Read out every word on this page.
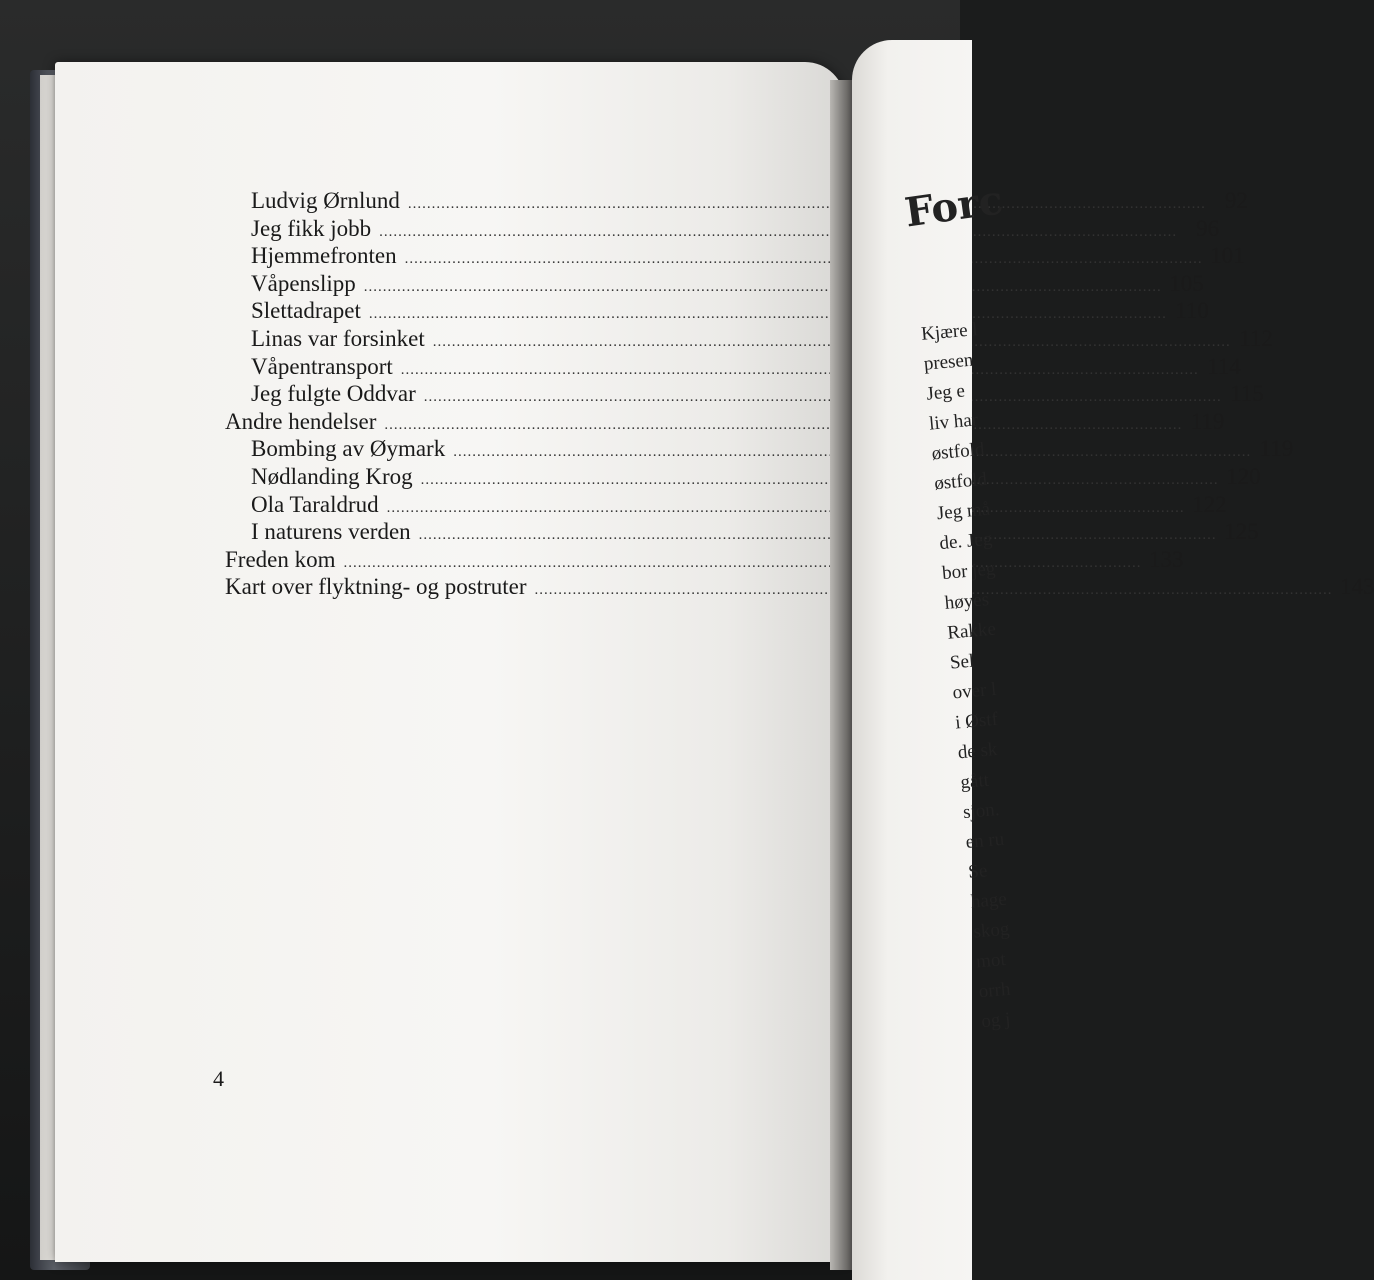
Ludvig Ørnlund .....	92
Jeg fikk jobb .....	96
Hjemmefronten .....	101
Våpenslipp .....	105
Slettadrapet .....	110
Linas var forsinket .....	112
Våpentransport .....	114
Jeg fulgte Oddvar .....	115
Andre hendelser .....	119
Bombing av Øymark .....	119
Nødlanding Krog .....	120
Ola Taraldrud .....	122
I naturens verden .....	125
Freden kom .....	133
Kart over flyktning- og postruter .....	143
4
Forc
Kjære l
presen
Jeg e
liv har
østfold
østfold
Jeg må
de. Jeg
bor jeg
høyes
Rakke
Sel
over l
i Østf
de sk
gått
sjon.
en ru
Se
hage
skog
mot
orrh
og j
